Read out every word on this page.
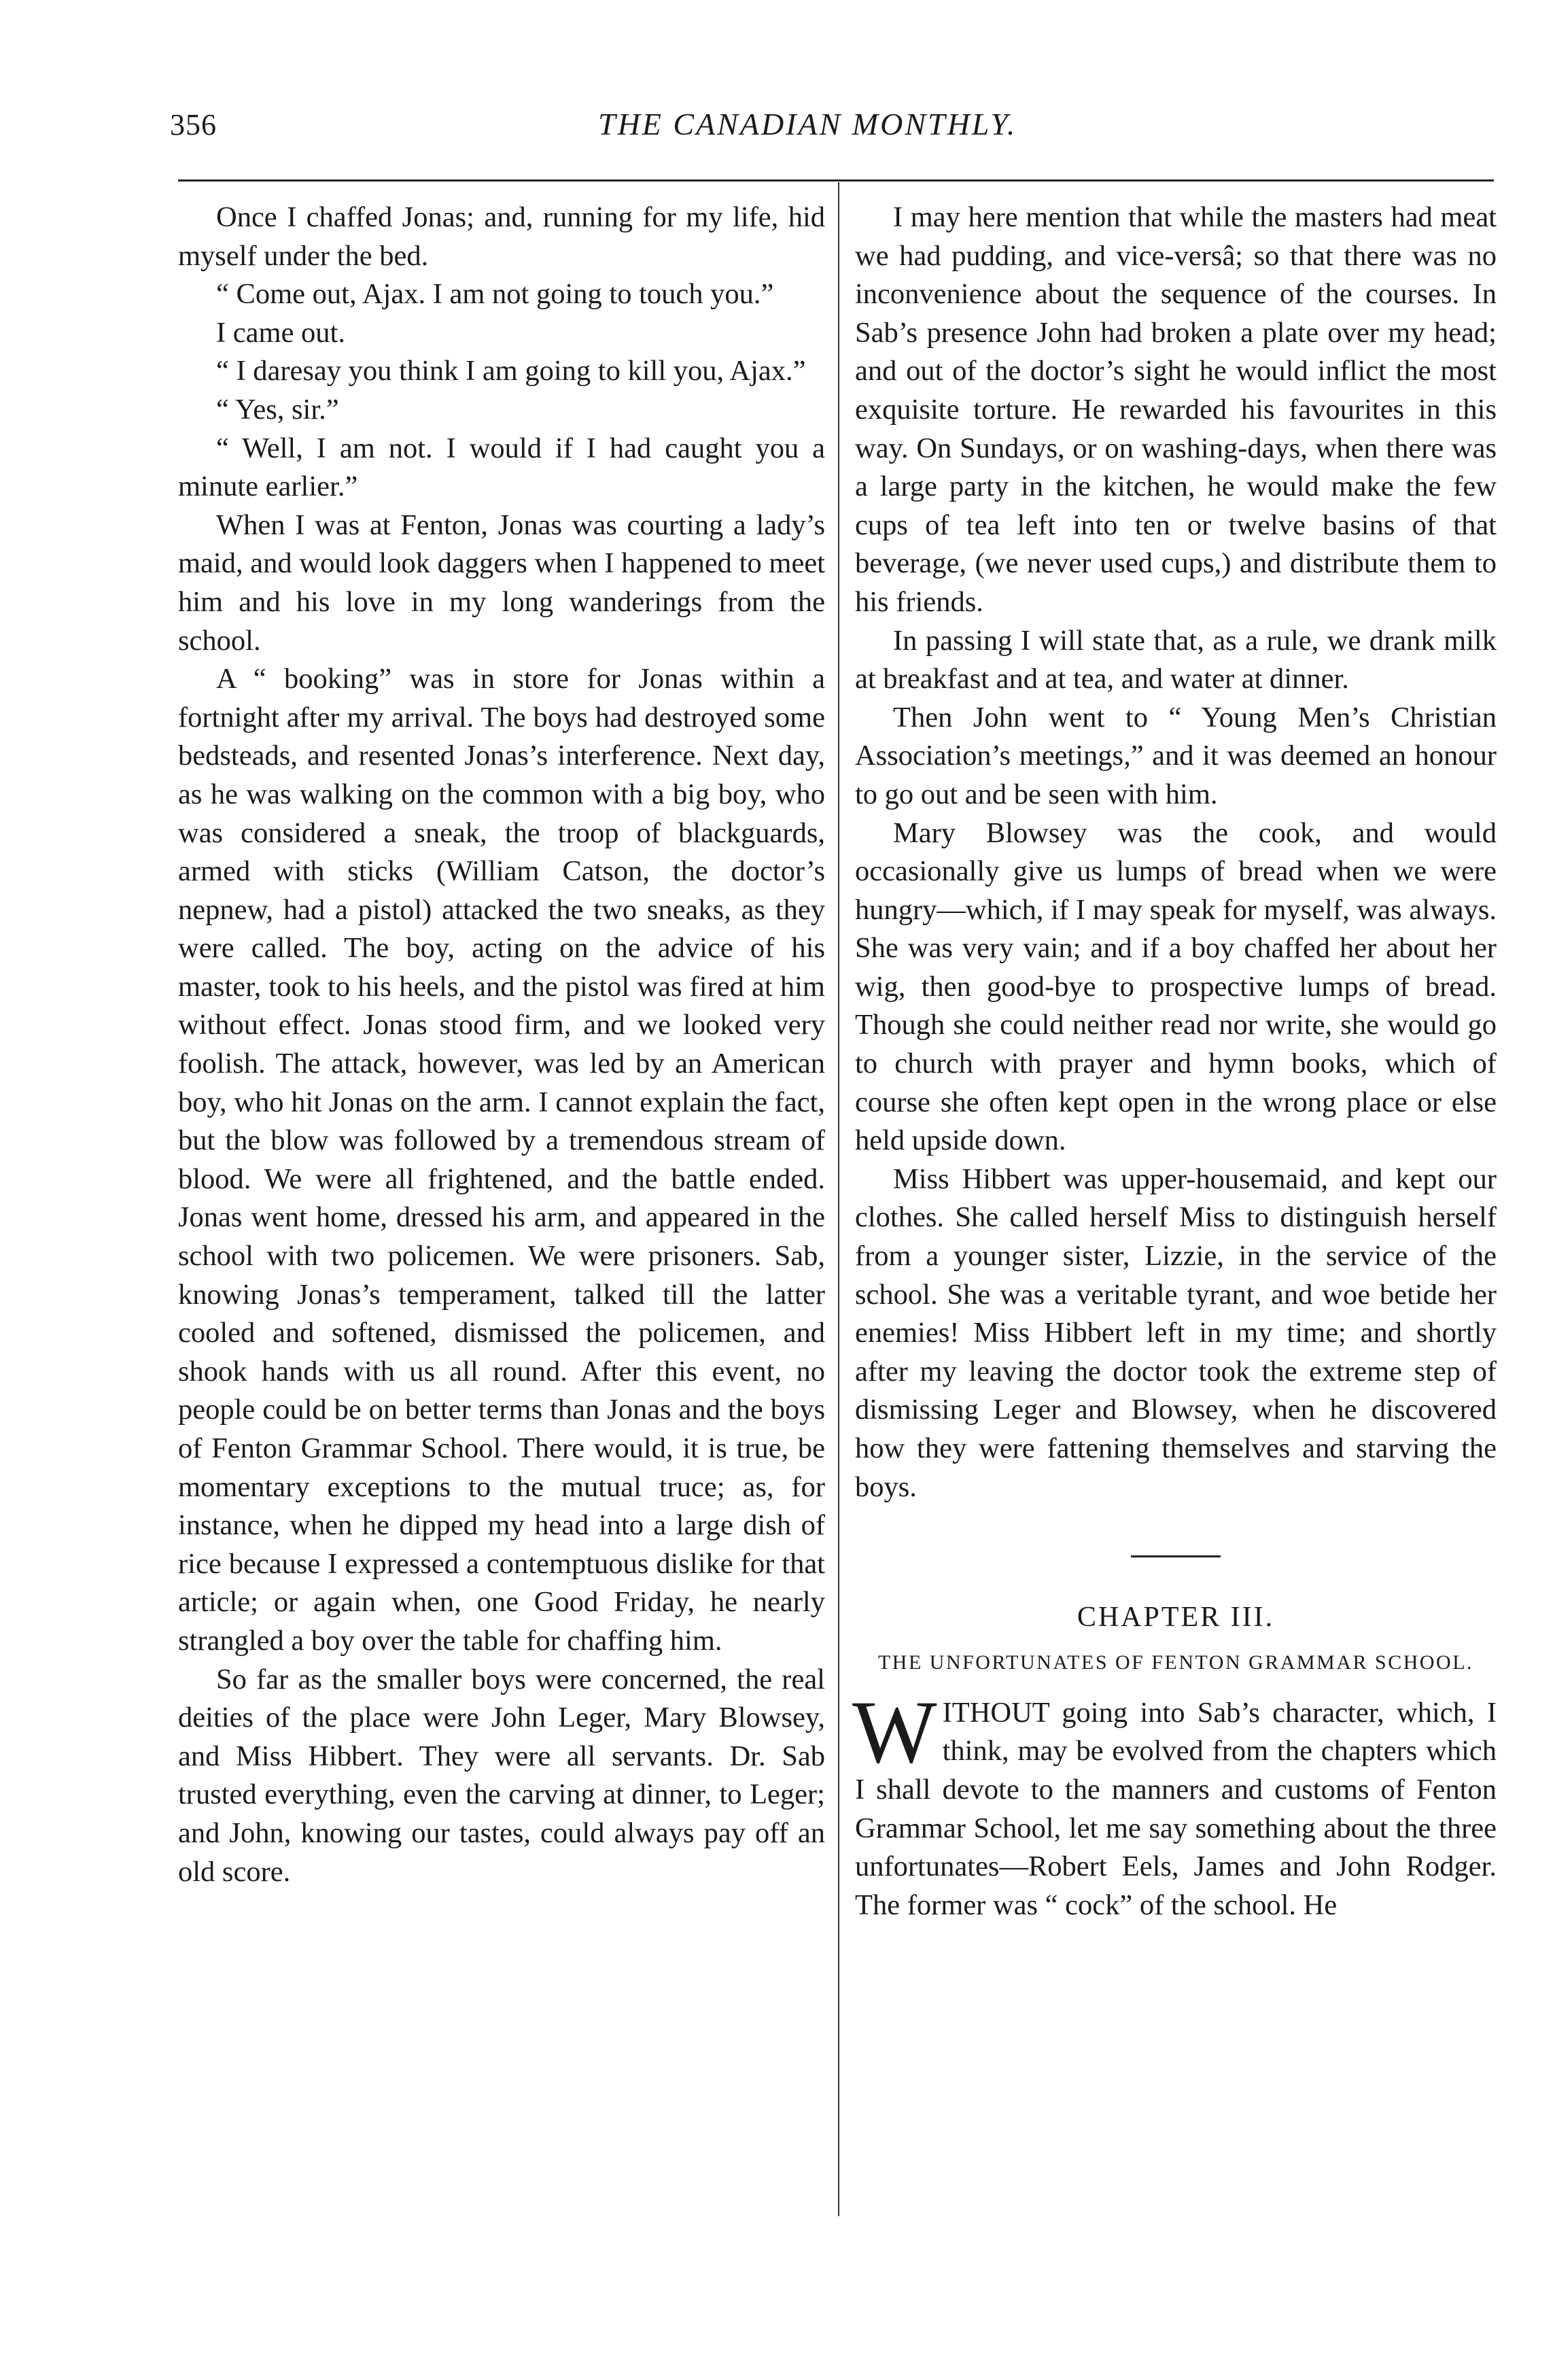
356	THE CANADIAN MONTHLY.

Once I chaffed Jonas; and, running for my life, hid myself under the bed.

“ Come out, Ajax. I am not going to touch you.”

I came out.

“ I daresay you think I am going to kill you, Ajax.”

“ Yes, sir.”

“ Well, I am not. I would if I had caught you a minute earlier.”

When I was at Fenton, Jonas was courting a lady’s maid, and would look daggers when I happened to meet him and his love in my long wanderings from the school.

A “ booking” was in store for Jonas within a fortnight after my arrival. The boys had destroyed some bedsteads, and resented Jonas’s interference. Next day, as he was walking on the common with a big boy, who was considered a sneak, the troop of blackguards, armed with sticks (William Catson, the doctor’s nepnew, had a pistol) attacked the two sneaks, as they were called. The boy, acting on the advice of his master, took to his heels, and the pistol was fired at him without effect. Jonas stood firm, and we looked very foolish. The attack, however, was led by an American boy, who hit Jonas on the arm. I cannot explain the fact, but the blow was followed by a tremendous stream of blood. We were all frightened, and the battle ended. Jonas went home, dressed his arm, and appeared in the school with two policemen. We were prisoners. Sab, knowing Jonas’s temperament, talked till the latter cooled and softened, dismissed the policemen, and shook hands with us all round. After this event, no people could be on better terms than Jonas and the boys of Fenton Grammar School. There would, it is true, be momentary exceptions to the mutual truce; as, for instance, when he dipped my head into a large dish of rice because I expressed a contemptuous dislike for that article; or again when, one Good Friday, he nearly strangled a boy over the table for chaffing him.

So far as the smaller boys were concerned, the real deities of the place were John Leger, Mary Blowsey, and Miss Hibbert. They were all servants. Dr. Sab trusted everything, even the carving at dinner, to Leger; and John, knowing our tastes, could always pay off an old score.

I may here mention that while the masters had meat we had pudding, and vice-versâ; so that there was no inconvenience about the sequence of the courses. In Sab’s presence John had broken a plate over my head; and out of the doctor’s sight he would inflict the most exquisite torture. He rewarded his favourites in this way. On Sundays, or on washing-days, when there was a large party in the kitchen, he would make the few cups of tea left into ten or twelve basins of that beverage, (we never used cups,) and distribute them to his friends.

In passing I will state that, as a rule, we drank milk at breakfast and at tea, and water at dinner.

Then John went to “ Young Men’s Christian Association’s meetings,” and it was deemed an honour to go out and be seen with him.

Mary Blowsey was the cook, and would occasionally give us lumps of bread when we were hungry—which, if I may speak for myself, was always. She was very vain; and if a boy chaffed her about her wig, then good-bye to prospective lumps of bread. Though she could neither read nor write, she would go to church with prayer and hymn books, which of course she often kept open in the wrong place or else held upside down.

Miss Hibbert was upper-housemaid, and kept our clothes. She called herself Miss to distinguish herself from a younger sister, Lizzie, in the service of the school. She was a veritable tyrant, and woe betide her enemies! Miss Hibbert left in my time; and shortly after my leaving the doctor took the extreme step of dismissing Leger and Blowsey, when he discovered how they were fattening themselves and starving the boys.

CHAPTER III.
THE UNFORTUNATES OF FENTON GRAMMAR SCHOOL.

WITHOUT going into Sab’s character, which, I think, may be evolved from the chapters which I shall devote to the manners and customs of Fenton Grammar School, let me say something about the three unfortunates—Robert Eels, James and John Rodger. The former was “ cock” of the school. He
